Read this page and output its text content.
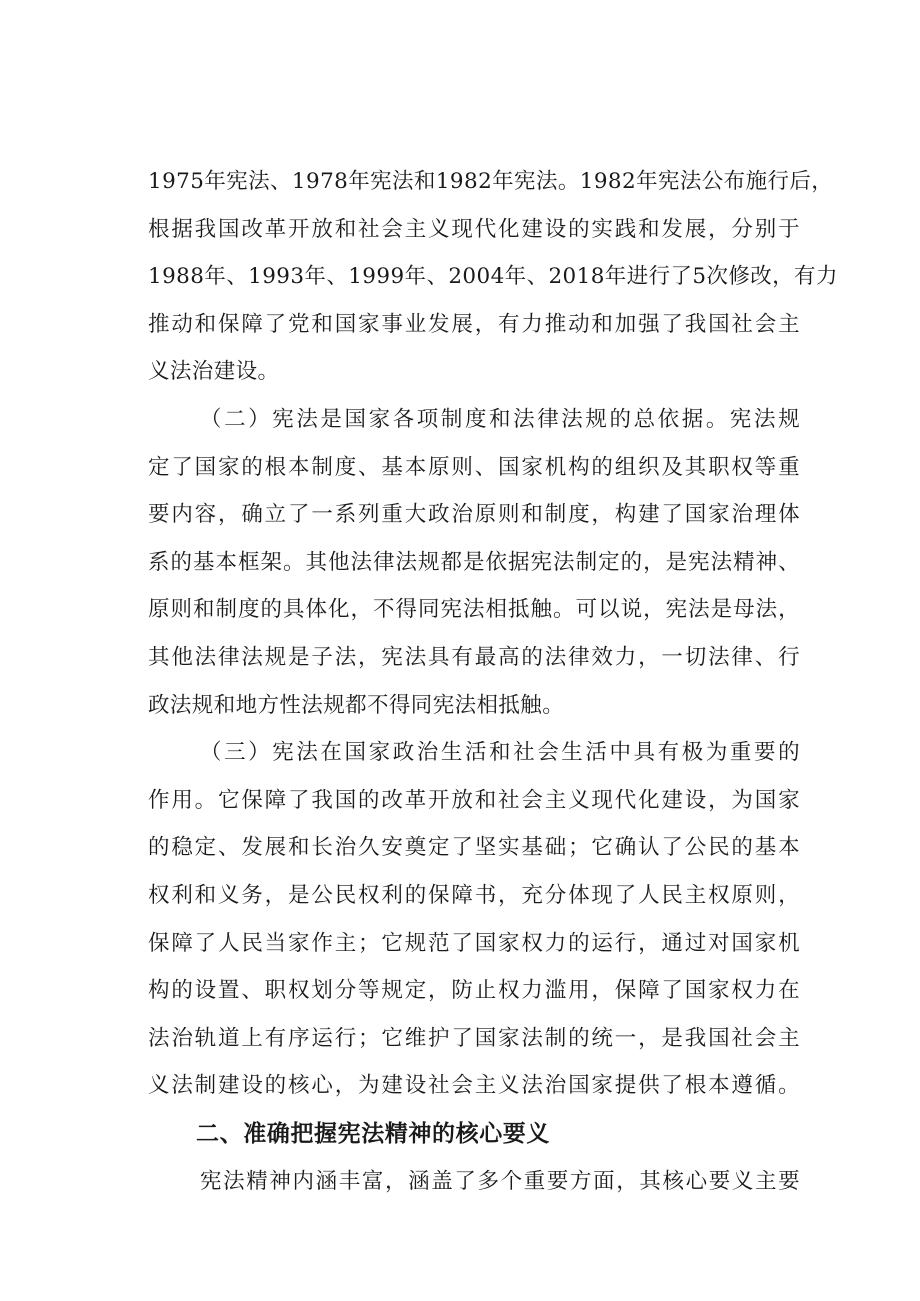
1975年宪法、1978年宪法和1982年宪法。1982年宪法公布施行后，
根据我国改革开放和社会主义现代化建设的实践和发展，分别于
1988年、1993年、1999年、2004年、2018年进行了5次修改，有力
推动和保障了党和国家事业发展，有力推动和加强了我国社会主
义法治建设。
（二）宪法是国家各项制度和法律法规的总依据。宪法规
定了国家的根本制度、基本原则、国家机构的组织及其职权等重
要内容，确立了一系列重大政治原则和制度，构建了国家治理体
系的基本框架。其他法律法规都是依据宪法制定的，是宪法精神、
原则和制度的具体化，不得同宪法相抵触。可以说，宪法是母法，
其他法律法规是子法，宪法具有最高的法律效力，一切法律、行
政法规和地方性法规都不得同宪法相抵触。
（三）宪法在国家政治生活和社会生活中具有极为重要的
作用。它保障了我国的改革开放和社会主义现代化建设，为国家
的稳定、发展和长治久安奠定了坚实基础；它确认了公民的基本
权利和义务，是公民权利的保障书，充分体现了人民主权原则，
保障了人民当家作主；它规范了国家权力的运行，通过对国家机
构的设置、职权划分等规定，防止权力滥用，保障了国家权力在
法治轨道上有序运行；它维护了国家法制的统一，是我国社会主
义法制建设的核心，为建设社会主义法治国家提供了根本遵循。
二、准确把握宪法精神的核心要义
宪法精神内涵丰富，涵盖了多个重要方面，其核心要义主要
